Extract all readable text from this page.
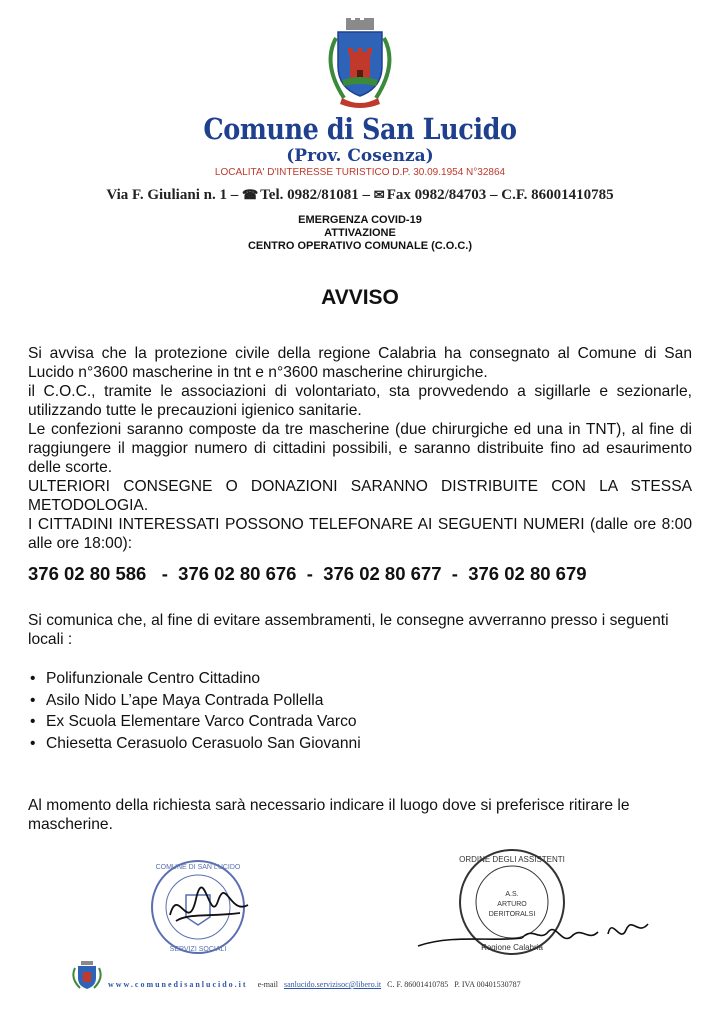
Comune di San Lucido
(Prov. Cosenza)
LOCALITA' D'INTERESSE TURISTICO D.P. 30.09.1954 N°32864
Via F. Giuliani n. 1 – ☎ Tel. 0982/81081 – ✉ Fax 0982/84703 – C.F. 86001410785
EMERGENZA COVID-19
ATTIVAZIONE
CENTRO OPERATIVO COMUNALE (C.O.C.)
AVVISO

Si avvisa che la protezione civile della regione Calabria ha consegnato al Comune di San Lucido n°3600 mascherine in tnt e n°3600 mascherine chirurgiche.

il C.O.C., tramite le associazioni di volontariato, sta provvedendo a sigillarle e sezionarle, utilizzando tutte le precauzioni igienico sanitarie.

Le confezioni saranno composte da tre mascherine (due chirurgiche ed una in TNT), al fine di raggiungere il maggior numero di cittadini possibili, e saranno distribuite fino ad esaurimento delle scorte.

ULTERIORI CONSEGNE O DONAZIONI SARANNO DISTRIBUITE CON LA STESSA METODOLOGIA.

I CITTADINI INTERESSATI POSSONO TELEFONARE AI SEGUENTI NUMERI (dalle ore 8:00 alle ore 18:00):

376 02 80 586   -  376 02 80 676  -  376 02 80 677  -  376 02 80 679
Si comunica che, al fine di evitare assembramenti, le consegne avverranno presso i seguenti locali :
• Polifunzionale Centro Cittadino
• Asilo Nido L’ape Maya Contrada Pollella
• Ex Scuola Elementare Varco Contrada Varco
• Chiesetta Cerasuolo Cerasuolo San Giovanni
Al momento della richiesta sarà necessario indicare il luogo dove si preferisce ritirare le mascherine.
COMUNE DI SAN LUCIDO
SERVIZI SOCIALI
ORDINE DEGLI ASSISTENTI
A.S.
ARTURO
DERITORALSI
Regione Calabria
www.comunedisanlucido.it e-mail sanlucido.servizisoc@libero.it C. F. 86001410785 P. IVA 00401530787
